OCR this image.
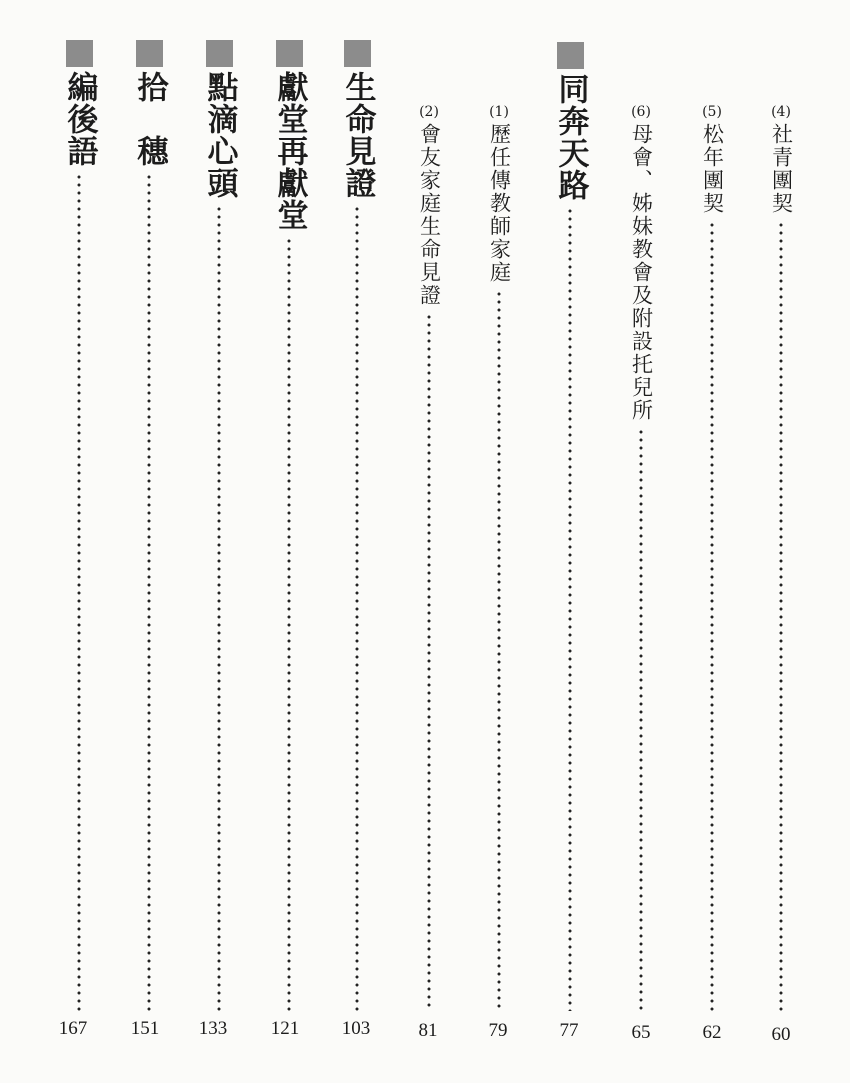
(4)
社青團契
(5)
松年團契
(6)
母會、姊妹教會及附設托兒所
同奔天路
(1)
歷任傳教師家庭
(2)
會友家庭生命見證
生命見證
獻堂再獻堂
點滴心頭
拾　穗
編後語
60
62
65
77
79
81
103
121
133
151
167
